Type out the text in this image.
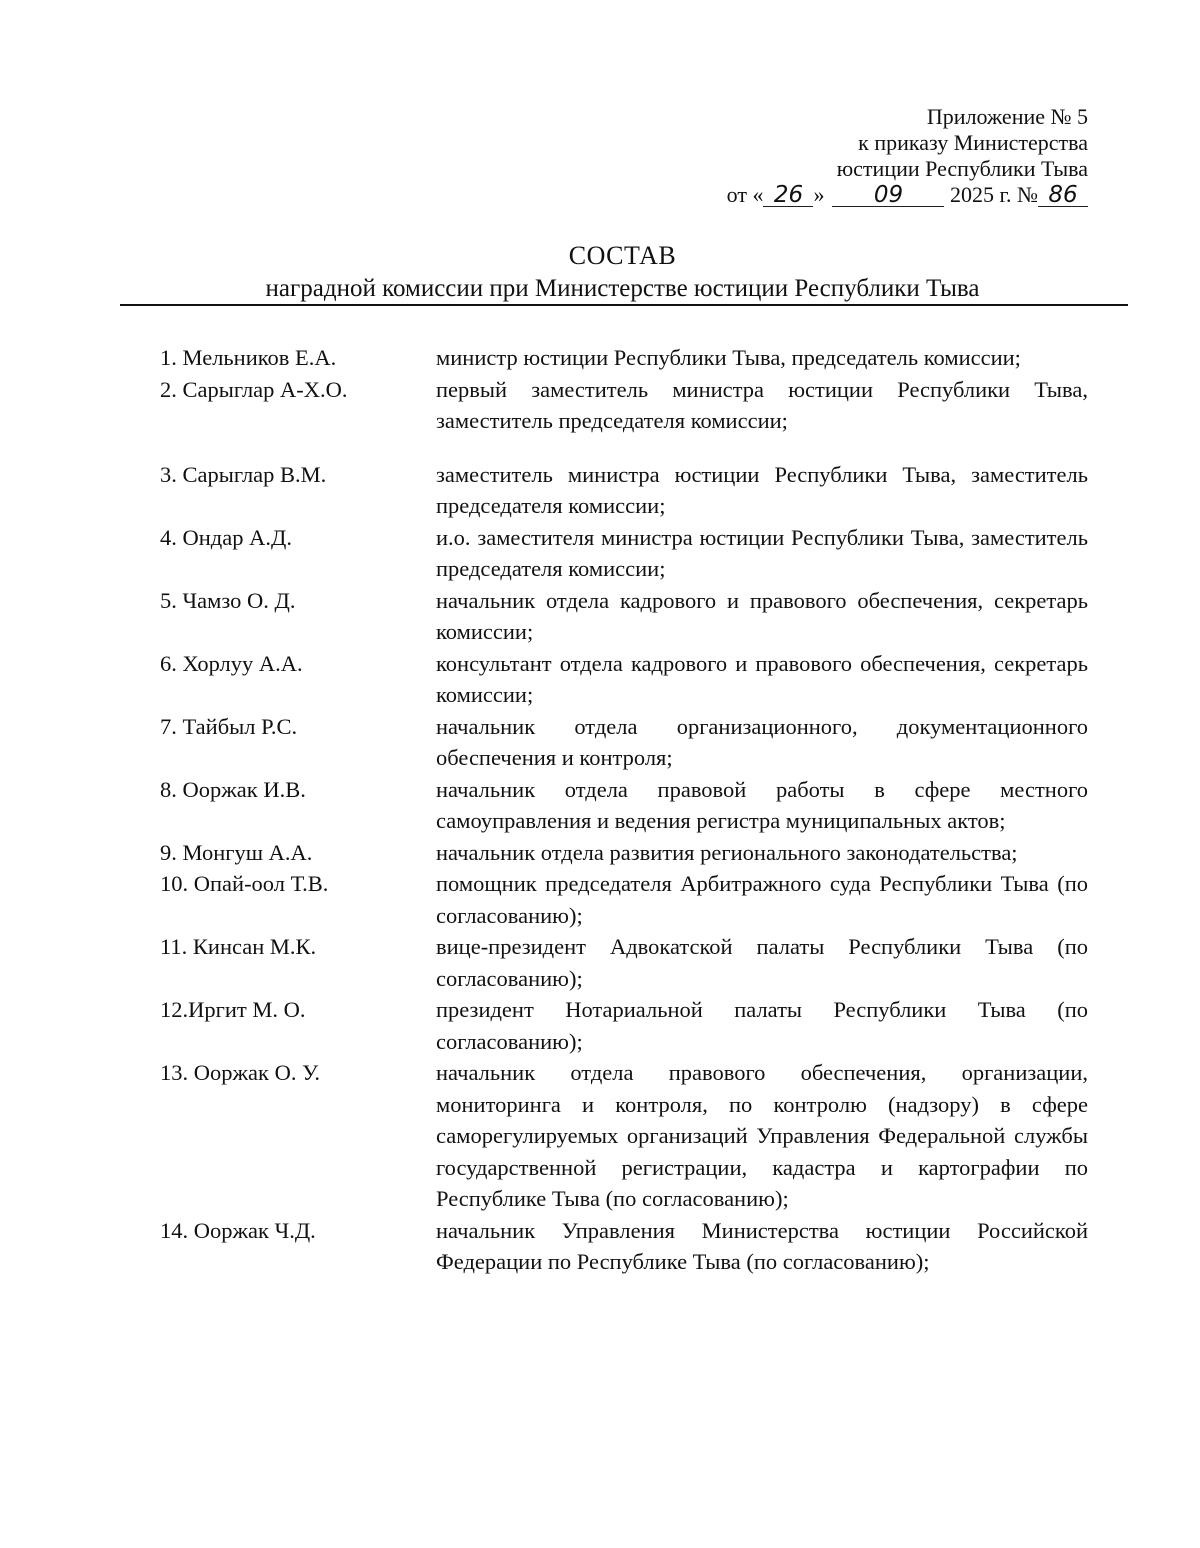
Приложение № 5
к приказу Министерства
юстиции Республики Тыва
от « 26 » 09 2025 г. № 86
СОСТАВ
наградной комиссии при Министерстве юстиции Республики Тыва
1. Мельников Е.А.	министр юстиции Республики Тыва, председатель комиссии;
2. Сарыглар А-Х.О.	первый заместитель министра юстиции Республики Тыва, заместитель председателя комиссии;
3. Сарыглар В.М.	заместитель министра юстиции Республики Тыва, заместитель председателя комиссии;
4. Ондар А.Д.	и.о. заместителя министра юстиции Республики Тыва, заместитель председателя комиссии;
5. Чамзо О. Д.	начальник отдела кадрового и правового обеспечения, секретарь комиссии;
6. Хорлуу А.А.	консультант отдела кадрового и правового обеспечения, секретарь комиссии;
7. Тайбыл Р.С.	начальник отдела организационного, документационного обеспечения и контроля;
8. Ооржак И.В.	начальник отдела правовой работы в сфере местного самоуправления и ведения регистра муниципальных актов;
9. Монгуш А.А.	начальник отдела развития регионального законодательства;
10. Опай-оол Т.В.	помощник председателя Арбитражного суда Республики Тыва (по согласованию);
11. Кинсан М.К.	вице-президент Адвокатской палаты Республики Тыва (по согласованию);
12.Иргит М. О.	президент Нотариальной палаты Республики Тыва (по согласованию);
13. Ооржак О. У.	начальник отдела правового обеспечения, организации, мониторинга и контроля, по контролю (надзору) в сфере саморегулируемых организаций Управления Федеральной службы государственной регистрации, кадастра и картографии по Республике Тыва (по согласованию);
14. Ооржак Ч.Д.	начальник Управления Министерства юстиции Российской Федерации по Республике Тыва (по согласованию);
